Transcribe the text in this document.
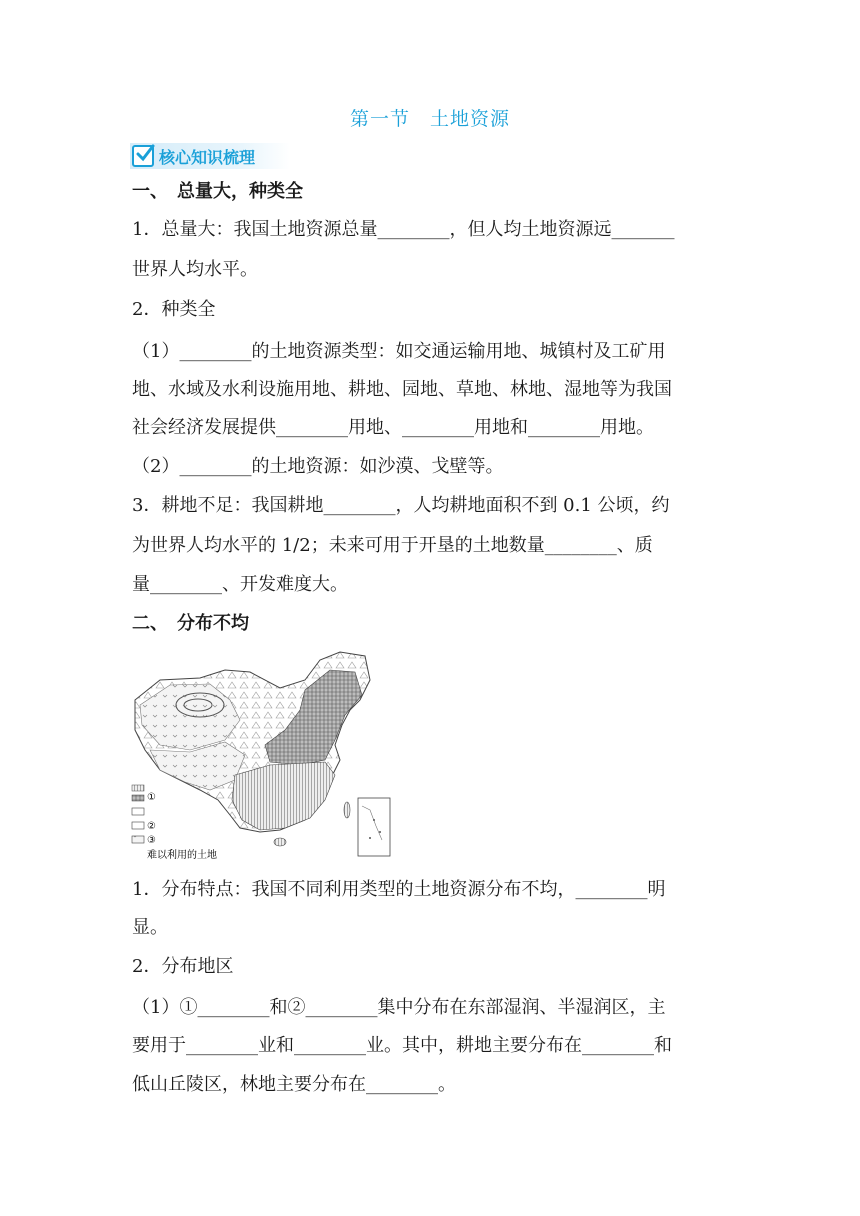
第一节　土地资源
核心知识梳理
一、　总量大，种类全
1．总量大：我国土地资源总量________，但人均土地资源远_______
世界人均水平。
2．种类全
（1）________的土地资源类型：如交通运输用地、城镇村及工矿用
地、水域及水利设施用地、耕地、园地、草地、林地、湿地等为我国
社会经济发展提供________用地、________用地和________用地。
（2）________的土地资源：如沙漠、戈壁等。
3．耕地不足：我国耕地________，人均耕地面积不到 0.1 公顷，约
为世界人均水平的 1/2；未来可用于开垦的土地数量________、质
量________、开发难度大。
二、　分布不均
①
②
③
难以利用的土地
1．分布特点：我国不同利用类型的土地资源分布不均，________明
显。
2．分布地区
（1）①________和②________集中分布在东部湿润、半湿润区，主
要用于________业和________业。其中，耕地主要分布在________和
低山丘陵区，林地主要分布在________。
